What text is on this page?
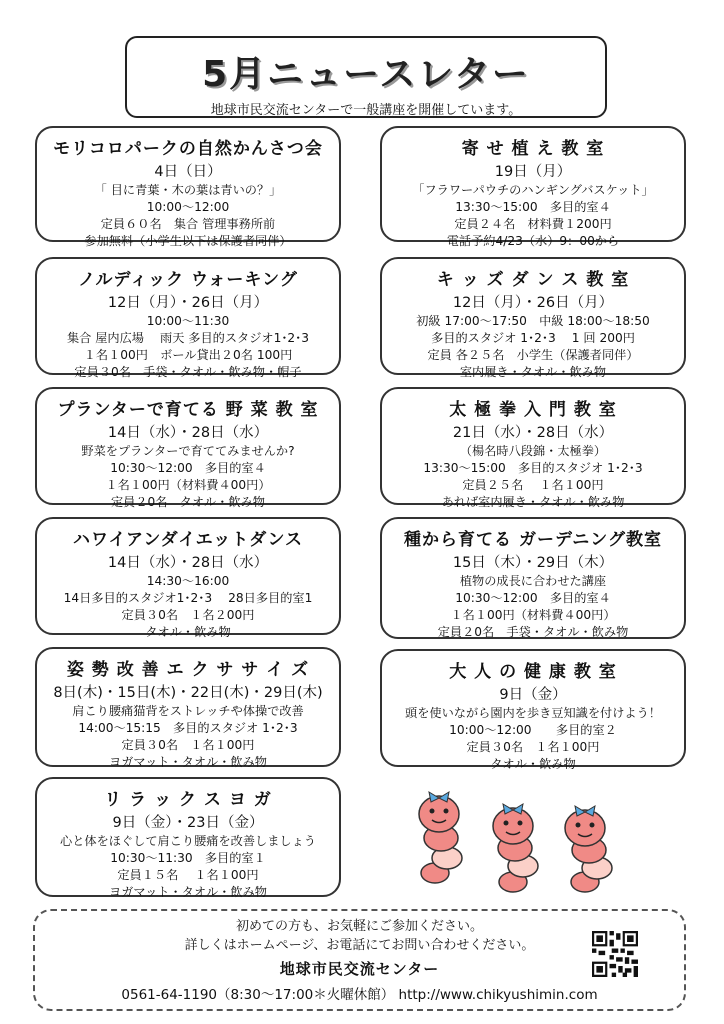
5月ニュースレター
地球市民交流センターで一般講座を開催しています。
モリコロパークの自然かんさつ会
4日（日）
「 目に青葉・木の葉は青いの？」
10:00〜12:00
定員６０名　集合 管理事務所前
参加無料（小学生以下は保護者同伴）
寄 せ 植 え 教 室
19日（月）
「フラワーパウチのハンギングバスケット」
13:30〜15:00　多目的室４
定員２４名　材料費１200円
電話予約4/23（水）9：00から
ノルディック ウォーキング
12日（月）・26日（月）
10:00〜11:30
集合 屋内広場　 雨天 多目的スタジオ1･2･3
１名１00円　ボール貸出２0名 100円
定員３0名　手袋・タオル・飲み物・帽子
キ ッ ズ ダ ン ス 教 室
12日（月）・26日（月）
初級 17:00〜17:50　中級 18:00〜18:50
多目的スタジオ 1･2･3　 1 回 200円
定員 各２５名　小学生（保護者同伴）
室内履き・タオル・飲み物
プランターで育てる 野 菜 教 室
14日（水）・28日（水）
野菜をプランターで育ててみませんか?
10:30〜12:00　多目的室４
１名１00円（材料費４00円）
定員２0名　タオル・飲み物
太 極 拳 入 門 教 室
21日（水）・28日（水）
（楊名時八段錦・太極拳）
13:30〜15:00　多目的スタジオ 1･2･3
定員２５名　 １名１00円
あれば室内履き・タオル・飲み物
ハワイアンダイエットダンス
14日（水）・28日（水）
14:30〜16:00
14日多目的スタジオ1･2･3　 28日多目的室1
定員３0名　１名２00円
タオル・飲み物
種から育てる ガーデニング教室
15日（木）・29日（木）
植物の成長に合わせた講座
10:30〜12:00　多目的室４
１名１00円（材料費４00円）
定員２0名　手袋・タオル・飲み物
姿 勢 改 善 エ ク サ サ イ ズ
8日(木)・15日(木)・22日(木)・29日(木)
肩こり腰痛猫背をストレッチや体操で改善
14:00〜15:15　多目的スタジオ 1･2･3
定員３0名　１名１00円
ヨガマット・タオル・飲み物
大 人 の 健 康 教 室
9日（金）
頭を使いながら園内を歩き豆知識を付けよう！
10:00〜12:00　　多目的室２
定員３0名　１名１00円
タオル・飲み物
リ ラ ッ ク ス ヨ ガ
9日（金）・23日（金）
心と体をほぐして肩こり腰痛を改善しましょう
10:30〜11:30　多目的室１
定員１５名　 １名１00円
ヨガマット・タオル・飲み物
初めての方も、お気軽にご参加ください。
詳しくはホームページ、お電話にてお問い合わせください。
地球市民交流センター
0561-64-1190（8:30〜17:00＊火曜休館） http://www.chikyushimin.com
